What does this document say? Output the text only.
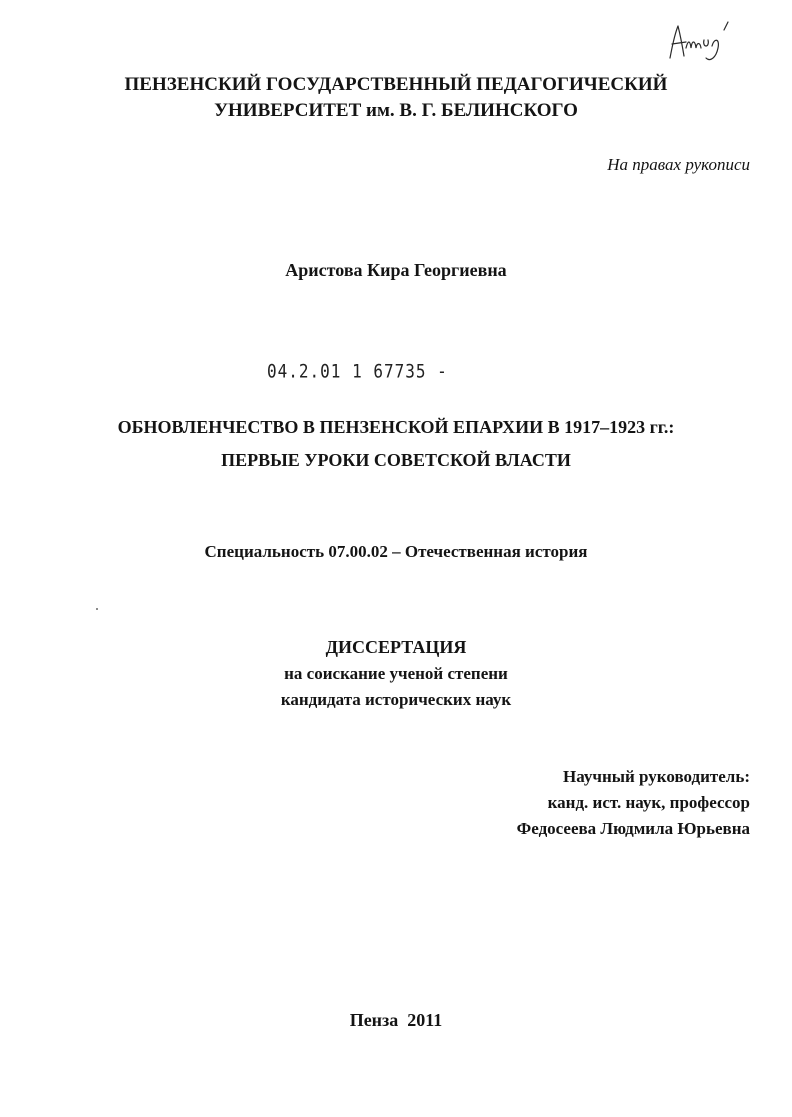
ПЕНЗЕНСКИЙ ГОСУДАРСТВЕННЫЙ ПЕДАГОГИЧЕСКИЙ
УНИВЕРСИТЕТ им. В. Г. БЕЛИНСКОГО
На правах рукописи
Аристова Кира Георгиевна
04.2.01 1 67735 -
ОБНОВЛЕНЧЕСТВО В ПЕНЗЕНСКОЙ ЕПАРХИИ В 1917–1923 гг.:
ПЕРВЫЕ УРОКИ СОВЕТСКОЙ ВЛАСТИ
Специальность 07.00.02 – Отечественная история
ДИССЕРТАЦИЯ
на соискание ученой степени
кандидата исторических наук
Научный руководитель:
канд. ист. наук, профессор
Федосеева Людмила Юрьевна
Пенза  2011
